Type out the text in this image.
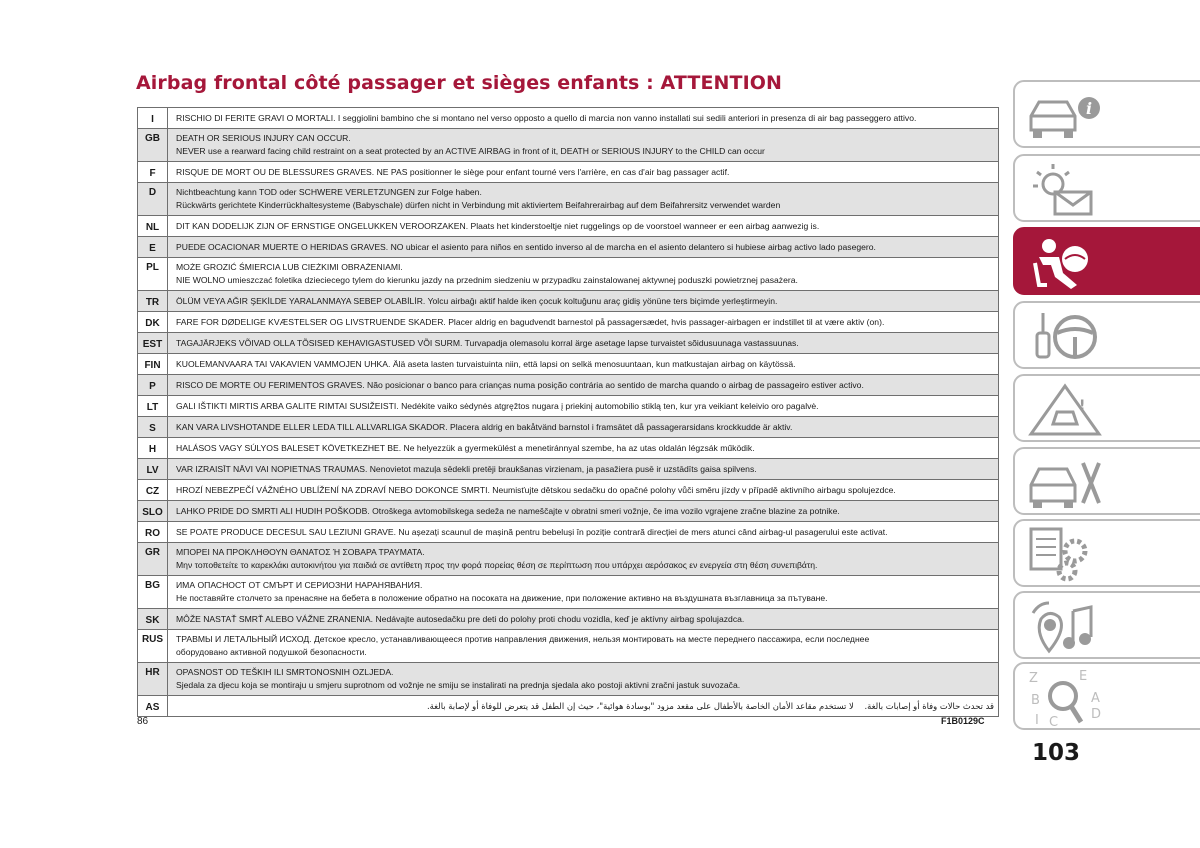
Airbag frontal côté passager et sièges enfants : ATTENTION
I	RISCHIO DI FERITE GRAVI O MORTALI. I seggiolini bambino che si montano nel verso opposto a quello di marcia non vanno installati sui sedili anteriori in presenza di air bag passeggero attivo.
GB	DEATH OR SERIOUS INJURY CAN OCCUR.
NEVER use a rearward facing child restraint on a seat protected by an ACTIVE AIRBAG in front of it, DEATH or SERIOUS INJURY to the CHILD can occur

F	RISQUE DE MORT OU DE BLESSURES GRAVES. NE PAS positionner le siège pour enfant tourné vers l'arrière, en cas d'air bag passager actif.
D	Nichtbeachtung kann TOD oder SCHWERE VERLETZUNGEN zur Folge haben.
Rückwärts gerichtete Kinderrückhaltesysteme (Babyschale) dürfen nicht in Verbindung mit aktiviertem Beifahrerairbag auf dem Beifahrersitz verwendet warden

NL	DIT KAN DODELIJK ZIJN OF ERNSTIGE ONGELUKKEN VEROORZAKEN. Plaats het kinderstoeltje niet ruggelings op de voorstoel wanneer er een airbag aanwezig is.
E	PUEDE OCACIONAR MUERTE O HERIDAS GRAVES. NO ubicar el asiento para niños en sentido inverso al de marcha en el asiento delantero si hubiese airbag activo lado pasegero.
PL	MOŻE GROZIĆ ŚMIERCIA LUB CIEŻKIMI OBRAŻENIAMI.
NIE WOLNO umieszczać foletika dzieciecego tylem do kierunku jazdy na przednim siedzeniu w przypadku zainstalowanej aktywnej poduszki powietrznej pasażera.

TR	ÖLÜM VEYA AĞIR ŞEKİLDE YARALANMAYA SEBEP OLABİLİR. Yolcu airbağı aktif halde iken çocuk koltuğunu araç gidiş yönüne ters biçimde yerleştirmeyin.
DK	FARE FOR DØDELIGE KVÆSTELSER OG LIVSTRUENDE SKADER. Placer aldrig en bagudvendt barnestol på passagersædet, hvis passager-airbagen er indstillet til at være aktiv (on).
EST	TAGAJÄRJEKS VÕIVAD OLLA TÕSISED KEHAVIGASTUSED VÕI SURM. Turvapadja olemasolu korral ärge asetage lapse turvaistet sõidusuunaga vastassuunas.
FIN	KUOLEMANVAARA TAI VAKAVIEN VAMMOJEN UHKA. Älä aseta lasten turvaistuinta niin, että lapsi on selkä menosuuntaan, kun matkustajan airbag on käytössä.
P	RISCO DE MORTE OU FERIMENTOS GRAVES. Não posicionar o banco para crianças numa posição contrária ao sentido de marcha quando o airbag de passageiro estiver activo.
LT	GALI IŠTIKTI MIRTIS ARBA GALITE RIMTAI SUSIŽEISTI. Nedėkite vaiko sėdynės atgręžtos nugara į priekinį automobilio stiklą ten, kur yra veikiant keleivio oro pagalvė.
S	KAN VARA LIVSHOTANDE ELLER LEDA TILL ALLVARLIGA SKADOR. Placera aldrig en bakåtvänd barnstol i framsätet då passagerarsidans krockkudde är aktiv.
H	HALÁSOS VAGY SÚLYOS BALESET KÖVETKEZHET BE. Ne helyezzük a gyermekülést a menetiránnyal szembe, ha az utas oldalán légzsák működik.
LV	VAR IZRAISĪT NĀVI VAI NOPIETNAS TRAUMAS. Nenovietot mazuļa sēdekli pretēji braukšanas virzienam, ja pasažiera pusē ir uzstādīts gaisa spilvens.
CZ	HROZÍ NEBEZPEČÍ VÁŽNÉHO UBLÍŽENÍ NA ZDRAVÍ NEBO DOKONCE SMRTI. Neumisťujte dětskou sedačku do opačné polohy vůči směru jízdy v případě aktivního airbagu spolujezdce.
SLO	LAHKO PRIDE DO SMRTI ALI HUDIH POŠKODB. Otroškega avtomobilskega sedeža ne nameščajte v obratni smeri vožnje, če ima vozilo vgrajene zračne blazine za potnike.
RO	SE POATE PRODUCE DECESUL SAU LEZIUNI GRAVE. Nu așezați scaunul de mașină pentru bebeluși în poziție contrară direcției de mers atunci când airbag-ul pasagerului este activat.
GR	ΜΠΟΡΕΙ ΝΑ ΠΡΟΚΛΗΘΟΥΝ ΘΑΝΑΤΟΣ Ή ΣΟΒΑΡΑ ΤΡΑΥΜΑΤΑ.
Μην τοποθετείτε το καρεκλάκι αυτοκινήτου για παιδιά σε αντίθετη προς την φορά πορείας θέση σε περίπτωση που υπάρχει αερόσακος εν ενεργεία στη θέση συνεπιβάτη.

BG	ИМА ОПАСНОСТ ОТ СМЪРТ И СЕРИОЗНИ НАРАНЯВАНИЯ.
Не поставяйте столчето за пренасяне на бебета в положение обратно на посоката на движение, при положение активно на въздушната възглавница за пътуване.

SK	MÔŽE NASTAŤ SMRŤ ALEBO VÁŽNE ZRANENIA. Nedávajte autosedačku pre deti do polohy proti chodu vozidla, keď je aktívny airbag spolujazdca.
RUS	ТРАВМЫ И ЛЕТАЛЬНЫЙ ИСХОД. Детское кресло, устанавливающееся против направления движения, нельзя монтировать на месте переднего пассажира, если последнее
оборудовано активной подушкой безопасности.

HR	OPASNOST OD TEŠKIH ILI SMRTONOSNIH OZLJEDA.
Sjedala za djecu koja se montiraju u smjeru suprotnom od vožnje ne smiju se instalirati na prednja sjedala ako postoji aktivni zračni jastuk suvozača.

AS	قد تحدث حالات وفاة أو إصابات بالغة.    لا تستخدم مقاعد الأمان الخاصة بالأطفال على مقعد مزود "بوسادة هوائية"، حيث إن الطفل قد يتعرض للوفاة أو لإصابة بالغة.
86	F1B0129C
103
i
!
Z	E
B	A
I C
D
